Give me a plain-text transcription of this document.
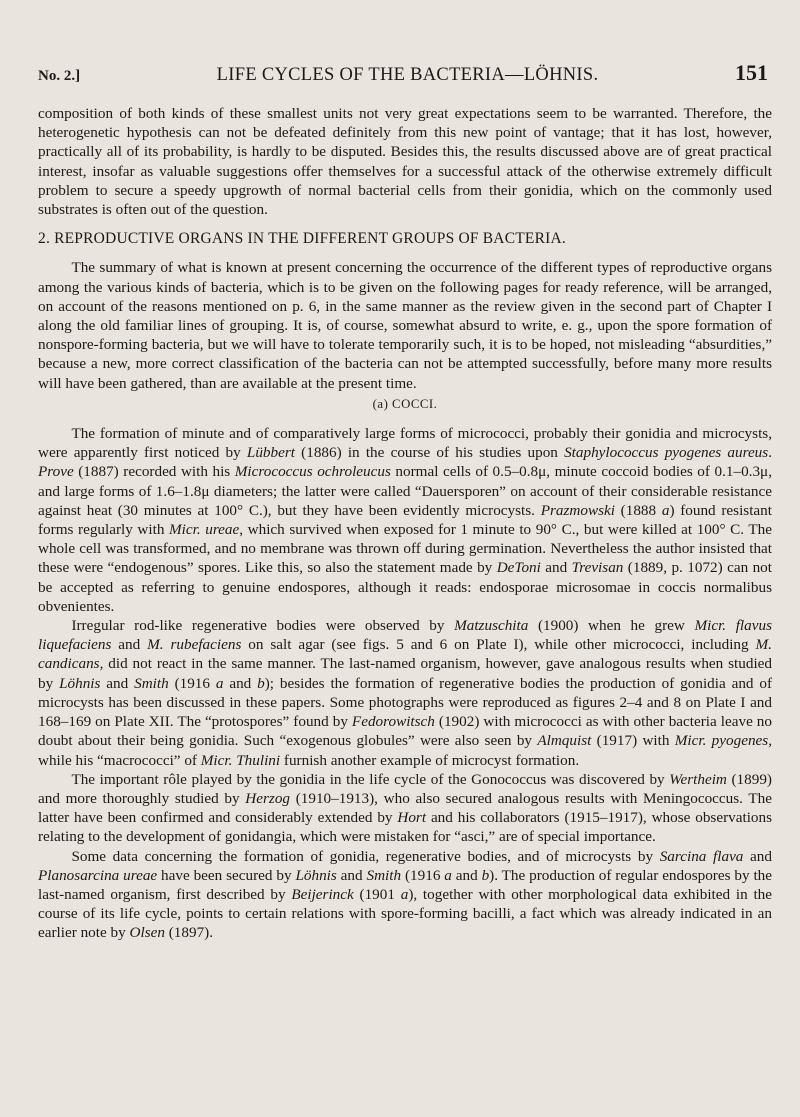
No. 2.]	LIFE CYCLES OF THE BACTERIA—LÖHNIS.	151

composition of both kinds of these smallest units not very great expectations seem to be warranted. Therefore, the heterogenetic hypothesis can not be defeated definitely from this new point of vantage; that it has lost, however, practically all of its probability, is hardly to be disputed. Besides this, the results discussed above are of great practical interest, insofar as valuable suggestions offer themselves for a successful attack of the otherwise extremely difficult problem to secure a speedy upgrowth of normal bacterial cells from their gonidia, which on the commonly used substrates is often out of the question.

2. REPRODUCTIVE ORGANS IN THE DIFFERENT GROUPS OF BACTERIA.

The summary of what is known at present concerning the occurrence of the different types of reproductive organs among the various kinds of bacteria, which is to be given on the following pages for ready reference, will be arranged, on account of the reasons mentioned on p. 6, in the same manner as the review given in the second part of Chapter I along the old familiar lines of grouping. It is, of course, somewhat absurd to write, e. g., upon the spore formation of nonspore-forming bacteria, but we will have to tolerate temporarily such, it is to be hoped, not misleading “absurdities,” because a new, more correct classification of the bacteria can not be attempted successfully, before many more results will have been gathered, than are available at the present time.

(a) COCCI.

The formation of minute and of comparatively large forms of micrococci, probably their gonidia and microcysts, were apparently first noticed by Lübbert (1886) in the course of his studies upon Staphylococcus pyogenes aureus. Prove (1887) recorded with his Micrococcus ochroleucus normal cells of 0.5–0.8μ, minute coccoid bodies of 0.1–0.3μ, and large forms of 1.6–1.8μ diameters; the latter were called “Dauersporen” on account of their considerable resistance against heat (30 minutes at 100° C.), but they have been evidently microcysts. Prazmowski (1888 a) found resistant forms regularly with Micr. ureae, which survived when exposed for 1 minute to 90° C., but were killed at 100° C. The whole cell was transformed, and no membrane was thrown off during germination. Nevertheless the author insisted that these were “endogenous” spores. Like this, so also the statement made by DeToni and Trevisan (1889, p. 1072) can not be accepted as referring to genuine endospores, although it reads: endosporae microsomae in coccis normalibus obvenientes.

Irregular rod-like regenerative bodies were observed by Matzuschita (1900) when he grew Micr. flavus liquefaciens and M. rubefaciens on salt agar (see figs. 5 and 6 on Plate I), while other micrococci, including M. candicans, did not react in the same manner. The last-named organism, however, gave analogous results when studied by Löhnis and Smith (1916 a and b); besides the formation of regenerative bodies the production of gonidia and of microcysts has been discussed in these papers. Some photographs were reproduced as figures 2–4 and 8 on Plate I and 168–169 on Plate XII. The “protospores” found by Fedorowitsch (1902) with micrococci as with other bacteria leave no doubt about their being gonidia. Such “exogenous globules” were also seen by Almquist (1917) with Micr. pyogenes, while his “macrococci” of Micr. Thulini furnish another example of microcyst formation.

The important rôle played by the gonidia in the life cycle of the Gonococcus was discovered by Wertheim (1899) and more thoroughly studied by Herzog (1910–1913), who also secured analogous results with Meningococcus. The latter have been confirmed and considerably extended by Hort and his collaborators (1915–1917), whose observations relating to the development of gonidangia, which were mistaken for “asci,” are of special importance.

Some data concerning the formation of gonidia, regenerative bodies, and of microcysts by Sarcina flava and Planosarcina ureae have been secured by Löhnis and Smith (1916 a and b). The production of regular endospores by the last-named organism, first described by Beijerinck (1901 a), together with other morphological data exhibited in the course of its life cycle, points to certain relations with spore-forming bacilli, a fact which was already indicated in an earlier note by Olsen (1897).
